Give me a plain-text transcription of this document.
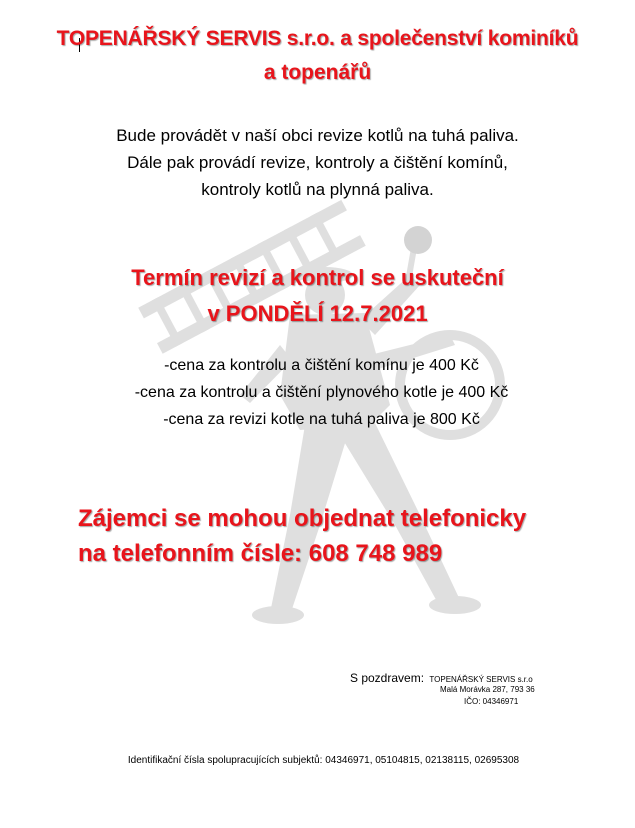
TOPENÁŘSKÝ SERVIS s.r.o. a společenství kominíků
a topenářů
Bude provádět v naší obci revize kotlů na tuhá paliva.
Dále pak provádí revize, kontroly a čištění komínů,
kontroly kotlů na plynná paliva.
Termín revizí a kontrol se uskuteční
v PONDĚLÍ 12.7.2021
-cena za kontrolu a čištění komínu je 400 Kč
-cena za kontrolu a čištění plynového kotle je 400 Kč
-cena za revizi kotle na tuhá paliva je 800 Kč
Zájemci se mohou objednat telefonicky
na telefonním čísle: 608 748 989
S pozdravem: TOPENÁŘSKÝ SERVIS s.r.o
Malá Morávka 287, 793 36
IČO: 04346971
Identifikační čísla spolupracujících subjektů: 04346971, 05104815, 02138115, 02695308
